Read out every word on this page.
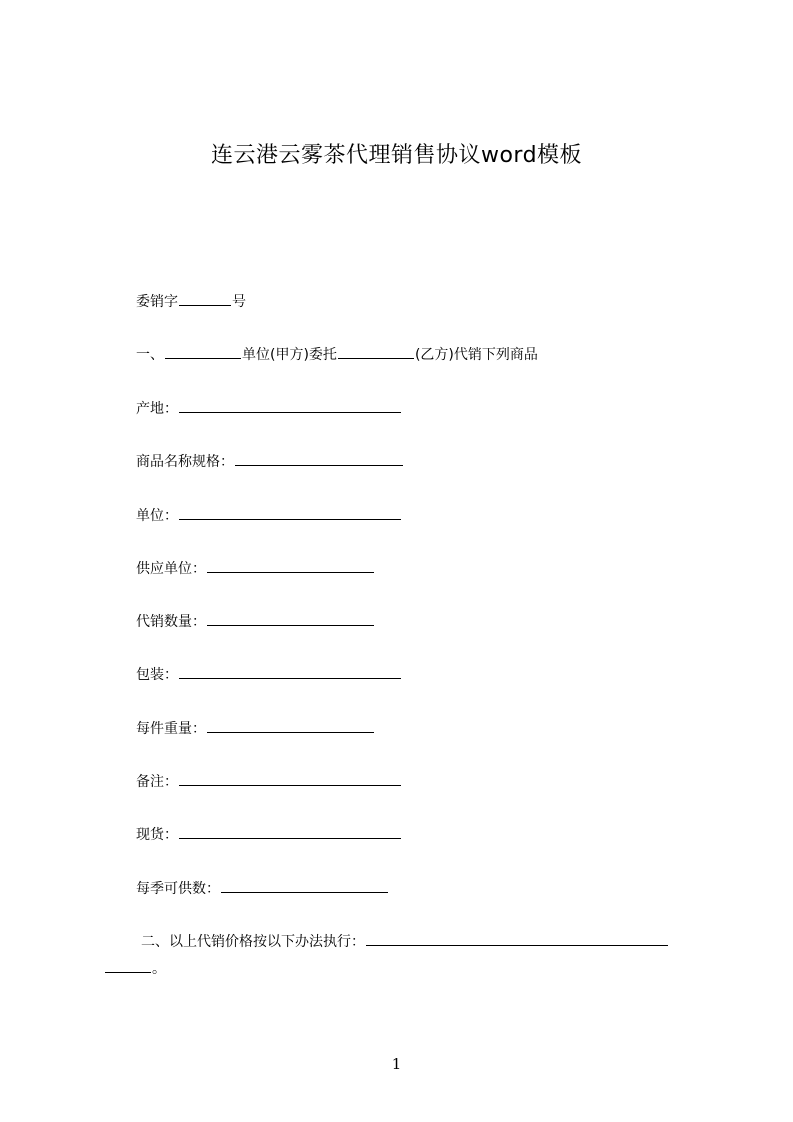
连云港云雾茶代理销售协议word模板
委销字	号
一、	单位(甲方)委托	(乙方)代销下列商品
产地：
商品名称规格：
单位：
供应单位：
代销数量：
包装：
每件重量：
备注：
现货：
每季可供数：
二、以上代销价格按以下办法执行：
。
1
